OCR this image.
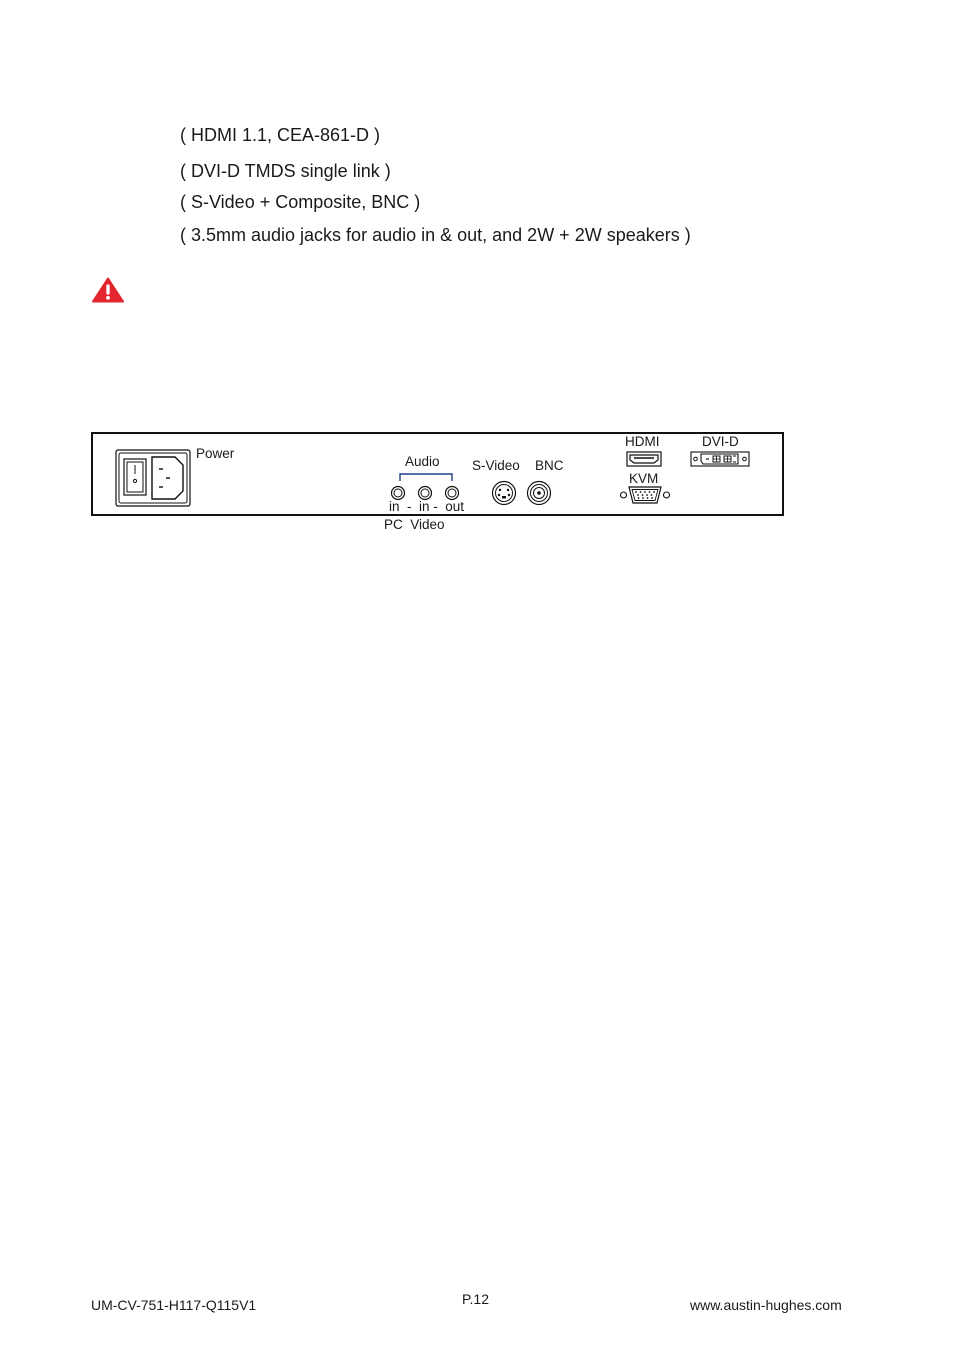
( HDMI 1.1, CEA-861-D )
( DVI-D TMDS single link )
( S-Video + Composite, BNC )
( 3.5mm audio jacks for audio in & out, and 2W + 2W speakers )
Power
Audio
in  -  in -  out
PC  Video
S-Video BNC
HDMI	DVI-D
KVM
UM-CV-751-H117-Q115V1	P.12	www.austin-hughes.com
